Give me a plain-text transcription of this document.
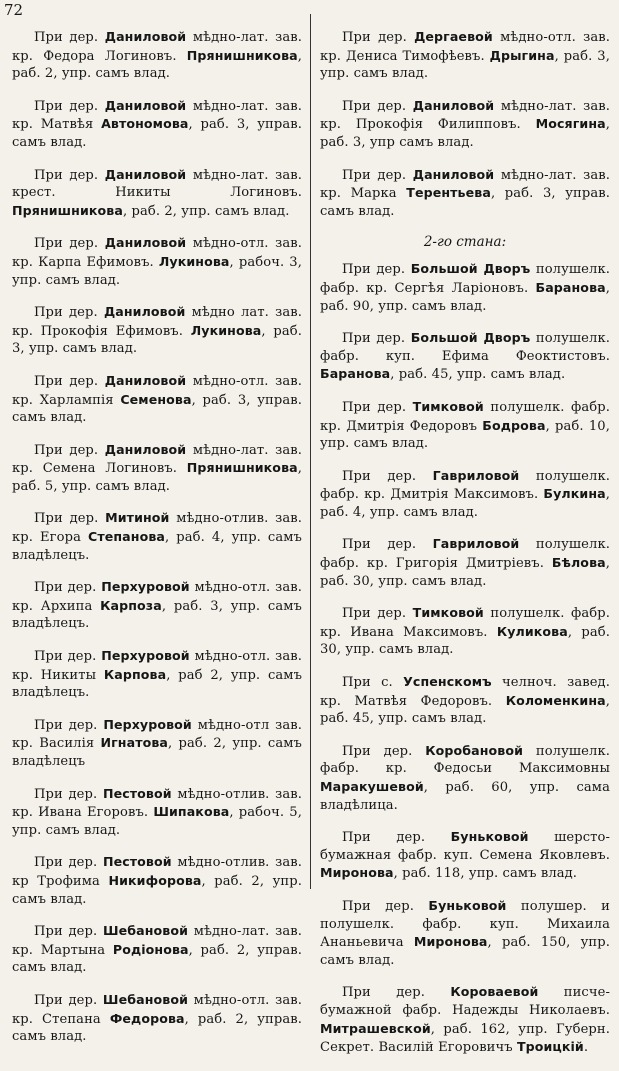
72

При дер. Даниловой мѣдно-лат. зав. кр. Федора Логиновъ. Прянишникова, раб. 2, упр. самъ влад.

При дер. Даниловой мѣдно-лат. зав. кр. Матвѣя Автономова, раб. 3, управ. самъ влад.

При дер. Даниловой мѣдно-лат. зав. крест. Никиты Логиновъ. Прянишникова, раб. 2, упр. самъ влад.

При дер. Даниловой мѣдно-отл. зав. кр. Карпа Ефимовъ. Лукинова, рабоч. 3, упр. самъ влад.

При дер. Даниловой мѣдно лат. зав. кр. Прокофія Ефимовъ. Лукинова, раб. 3, упр. самъ влад.

При дер. Даниловой мѣдно-отл. зав. кр. Харлампія Семенова, раб. 3, управ. самъ влад.

При дер. Даниловой мѣдно-лат. зав. кр. Семена Логиновъ. Прянишникова, раб. 5, упр. самъ влад.

При дер. Митиной мѣдно-отлив. зав. кр. Егора Степанова, раб. 4, упр. самъ владѣлецъ.

При дер. Перхуровой мѣдно-отл. зав. кр. Архипа Карпоза, раб. 3, упр. самъ владѣлецъ.

При дер. Перхуровой мѣдно-отл. зав. кр. Никиты Карпова, раб 2, упр. самъ владѣлецъ.

При дер. Перхуровой мѣдно-отл зав. кр. Василія Игнатова, раб. 2, упр. самъ владѣлецъ

При дер. Пестовой мѣдно-отлив. зав. кр. Ивана Егоровъ. Шипакова, рабоч. 5, упр. самъ влад.

При дер. Пестовой мѣдно-отлив. зав. кр Трофима Никифорова, раб. 2, упр. самъ влад.

При дер. Шебановой мѣдно-лат. зав. кр. Мартына Родіонова, раб. 2, управ. самъ влад.

При дер. Шебановой мѣдно-отл. зав. кр. Степана Федорова, раб. 2, управ. самъ влад.

При дер. Дергаевой мѣдно-отл. зав. кр. Дениса Тимофѣевъ. Дрыгина, раб. 3, упр. самъ влад.

При дер. Даниловой мѣдно-лат. зав. кр. Прокофія Филипповъ. Мосягина, раб. 3, упр самъ влад.

При дер. Даниловой мѣдно-лат. зав. кр. Марка Терентьева, раб. 3, управ. самъ влад.

2-го стана:

При дер. Большой Дворъ полушелк. фабр. кр. Сергѣя Ларіоновъ. Баранова, раб. 90, упр. самъ влад.

При дер. Большой Дворъ полушелк. фабр. куп. Ефима Феоктистовъ. Баранова, раб. 45, упр. самъ влад.

При дер. Тимковой полушелк. фабр. кр. Дмитрія Федоровъ Бодрова, раб. 10, упр. самъ влад.

При дер. Гавриловой полушелк. фабр. кр. Дмитрія Максимовъ. Булкина, раб. 4, упр. самъ влад.

При дер. Гавриловой полушелк. фабр. кр. Григорія Дмитріевъ. Бѣлова, раб. 30, упр. самъ влад.

При дер. Тимковой полушелк. фабр. кр. Ивана Максимовъ. Куликова, раб. 30, упр. самъ влад.

При с. Успенскомъ челноч. завед. кр. Матвѣя Федоровъ. Коломенкина, раб. 45, упр. самъ влад.

При дер. Коробановой полушелк. фабр. кр. Федосьи Максимовны Маракушевой, раб. 60, упр. сама владѣлица.

При дер. Буньковой шерсто-бумажная фабр. куп. Семена Яковлевъ. Миронова, раб. 118, упр. самъ влад.

При дер. Буньковой полушер. и полушелк. фабр. куп. Михаила Ананьевича Миронова, раб. 150, упр. самъ влад.

При дер. Короваевой писче-бумажной фабр. Надежды Николаевъ. Митрашевской, раб. 162, упр. Губерн. Секрет. Василій Егоровичъ Троицкій.
